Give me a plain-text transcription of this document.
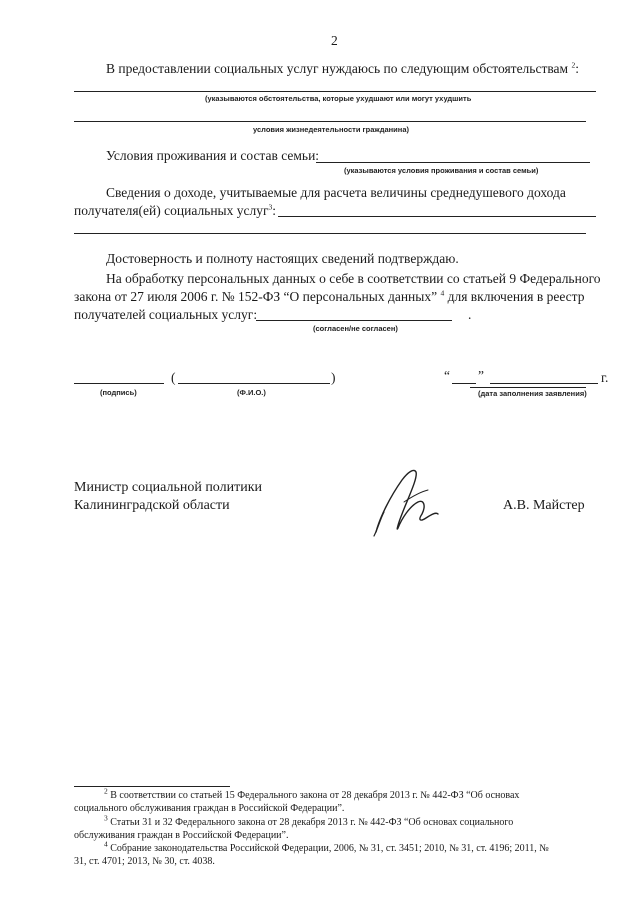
2
В предоставлении социальных услуг нуждаюсь по следующим обстоятельствам $^2$:
(указываются обстоятельства, которые ухудшают или могут ухудшить
условия жизнедеятельности гражданина)
Условия проживания и состав семьи:
(указываются условия проживания и состав семьи)
Сведения о доходе, учитываемые для расчета величины среднедушевого дохода
получателя(ей) социальных услуг$^3$:
Достоверность и полноту настоящих сведений подтверждаю.
На обработку персональных данных о себе в соответствии со статьей 9 Федерального
закона от 27 июля 2006 г. № 152-ФЗ “О персональных данных” $^4$ для включения в реестр
получателей социальных услуг:	.
(согласен/не согласен)
(подпись)
(	)
(Ф.И.О.)
“ ”	г.
(дата заполнения заявления)
Министр социальной политики
Калининградской области	А.В. Майстер
$^2$ В соответствии со статьей 15 Федерального закона от 28 декабря 2013 г. № 442-ФЗ “Об основах
социального обслуживания граждан в Российской Федерации”.
$^3$ Статьи 31 и 32 Федерального закона от 28 декабря 2013 г. № 442-ФЗ “Об основах социального
обслуживания граждан в Российской Федерации”.
$^4$ Собрание законодательства Российской Федерации, 2006, № 31, ст. 3451; 2010, № 31, ст. 4196; 2011, №
31, ст. 4701; 2013, № 30, ст. 4038.
